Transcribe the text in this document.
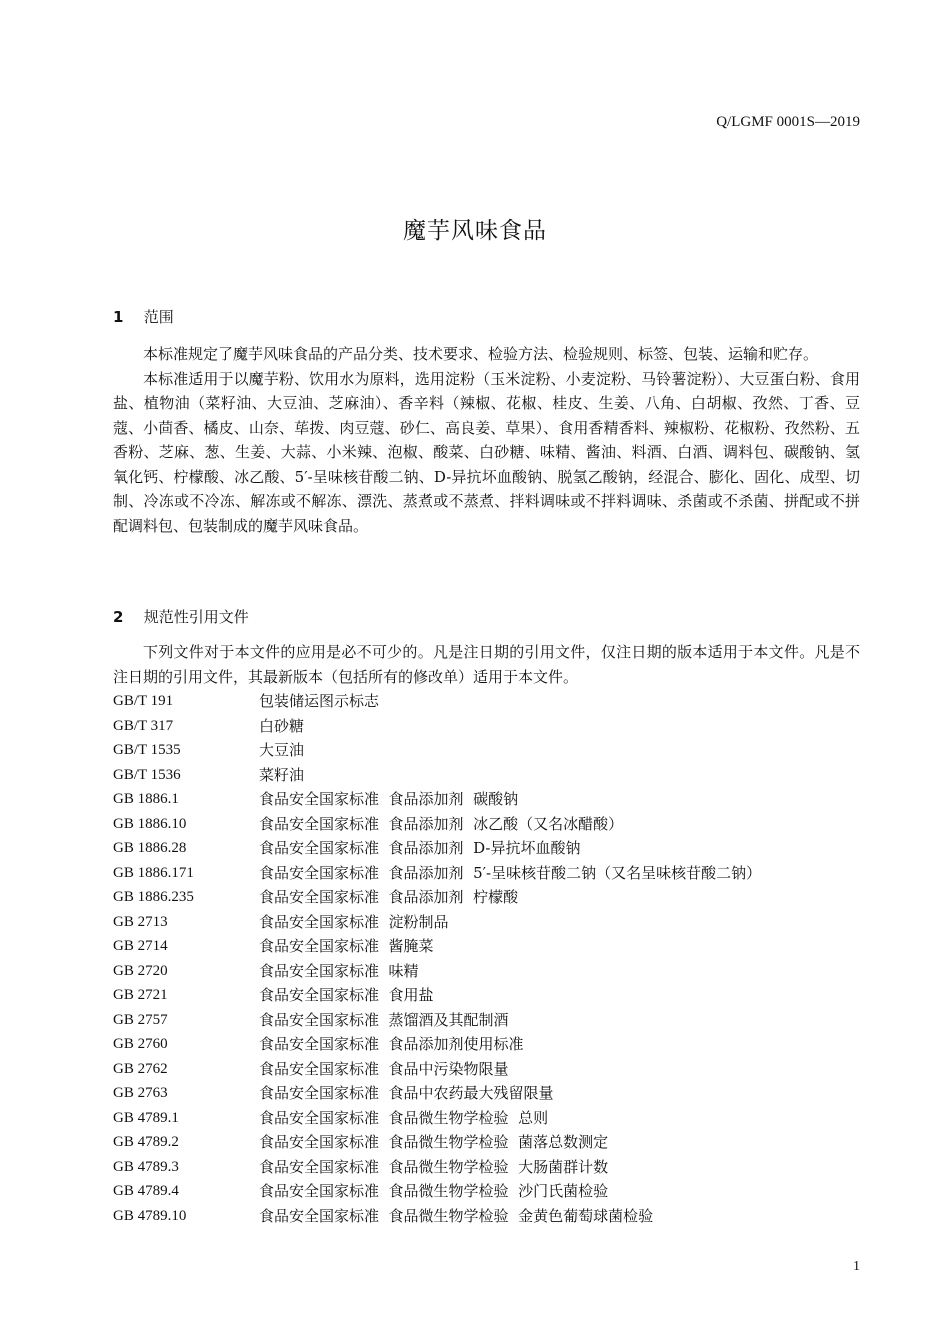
Q/LGMF 0001S—2019
魔芋风味食品
1 范围

本标准规定了魔芋风味食品的产品分类、技术要求、检验方法、检验规则、标签、包装、运输和贮存。

本标准适用于以魔芋粉、饮用水为原料，选用淀粉（玉米淀粉、小麦淀粉、马铃薯淀粉）、大豆蛋白粉、食用盐、植物油（菜籽油、大豆油、芝麻油）、香辛料（辣椒、花椒、桂皮、生姜、八角、白胡椒、孜然、丁香、豆蔻、小茴香、橘皮、山奈、荜拨、肉豆蔻、砂仁、高良姜、草果）、食用香精香料、辣椒粉、花椒粉、孜然粉、五香粉、芝麻、葱、生姜、大蒜、小米辣、泡椒、酸菜、白砂糖、味精、酱油、料酒、白酒、调料包、碳酸钠、氢氧化钙、柠檬酸、冰乙酸、5′-呈味核苷酸二钠、D-异抗坏血酸钠、脱氢乙酸钠，经混合、膨化、固化、成型、切制、冷冻或不冷冻、解冻或不解冻、漂洗、蒸煮或不蒸煮、拌料调味或不拌料调味、杀菌或不杀菌、拼配或不拼配调料包、包装制成的魔芋风味食品。

2 规范性引用文件

下列文件对于本文件的应用是必不可少的。凡是注日期的引用文件，仅注日期的版本适用于本文件。凡是不注日期的引用文件，其最新版本（包括所有的修改单）适用于本文件。

GB/T 191	包装储运图示标志
GB/T 317	白砂糖
GB/T 1535	大豆油
GB/T 1536	菜籽油
GB 1886.1	食品安全国家标准  食品添加剂  碳酸钠
GB 1886.10	食品安全国家标准  食品添加剂  冰乙酸（又名冰醋酸）
GB 1886.28	食品安全国家标准  食品添加剂  D-异抗坏血酸钠
GB 1886.171	食品安全国家标准  食品添加剂  5′-呈味核苷酸二钠（又名呈味核苷酸二钠）
GB 1886.235	食品安全国家标准  食品添加剂  柠檬酸
GB 2713	食品安全国家标准  淀粉制品
GB 2714	食品安全国家标准  酱腌菜
GB 2720	食品安全国家标准  味精
GB 2721	食品安全国家标准  食用盐
GB 2757	食品安全国家标准  蒸馏酒及其配制酒
GB 2760	食品安全国家标准  食品添加剂使用标准
GB 2762	食品安全国家标准  食品中污染物限量
GB 2763	食品安全国家标准  食品中农药最大残留限量
GB 4789.1	食品安全国家标准  食品微生物学检验  总则
GB 4789.2	食品安全国家标准  食品微生物学检验  菌落总数测定
GB 4789.3	食品安全国家标准  食品微生物学检验  大肠菌群计数
GB 4789.4	食品安全国家标准  食品微生物学检验  沙门氏菌检验
GB 4789.10	食品安全国家标准  食品微生物学检验  金黄色葡萄球菌检验
1
